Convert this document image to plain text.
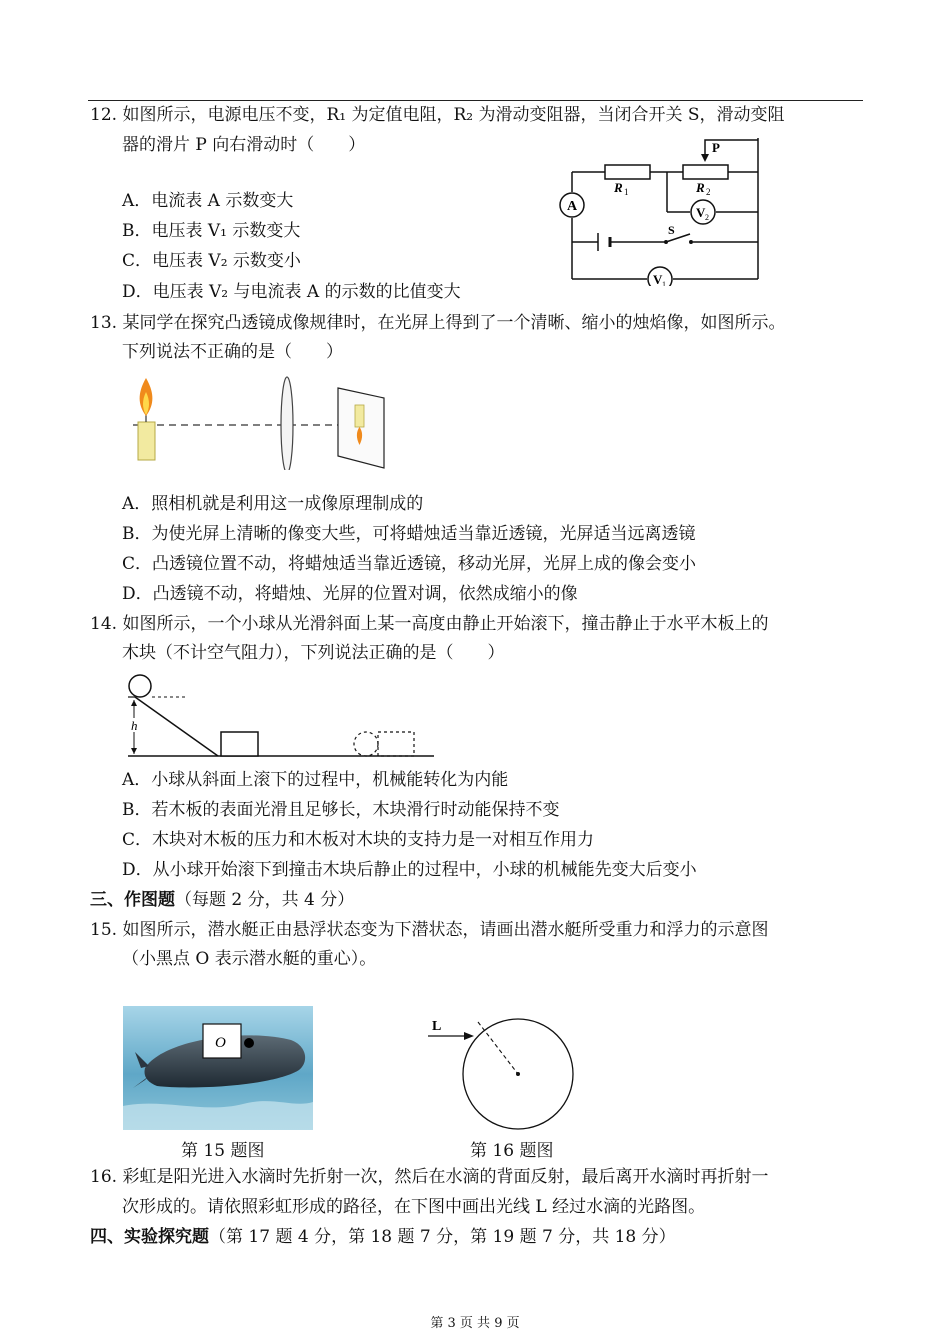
12. 如图所示，电源电压不变，R₁ 为定值电阻，R₂ 为滑动变阻器，当闭合开关 S，滑动变阻
器的滑片 P 向右滑动时（　　）
A．电流表 A 示数变大
B．电压表 V₁ 示数变大
C．电压表 V₂ 示数变小
D．电压表 V₂ 与电流表 A 的示数的比值变大
P
R 1	R 2
A	V 2
S
V 1
13. 某同学在探究凸透镜成像规律时，在光屏上得到了一个清晰、缩小的烛焰像，如图所示。
下列说法不正确的是（　　）
A．照相机就是利用这一成像原理制成的
B．为使光屏上清晰的像变大些，可将蜡烛适当靠近透镜，光屏适当远离透镜
C．凸透镜位置不动，将蜡烛适当靠近透镜，移动光屏，光屏上成的像会变小
D．凸透镜不动，将蜡烛、光屏的位置对调，依然成缩小的像
14. 如图所示，一个小球从光滑斜面上某一高度由静止开始滚下，撞击静止于水平木板上的
木块（不计空气阻力），下列说法正确的是（　　）
h
A．小球从斜面上滚下的过程中，机械能转化为内能
B．若木板的表面光滑且足够长，木块滑行时动能保持不变
C．木块对木板的压力和木板对木块的支持力是一对相互作用力
D．从小球开始滚下到撞击木块后静止的过程中，小球的机械能先变大后变小
三、作图题（每题 2 分，共 4 分）
15. 如图所示，潜水艇正由悬浮状态变为下潜状态，请画出潜水艇所受重力和浮力的示意图
（小黑点 O 表示潜水艇的重心）。
O
第 15 题图
L
第 16 题图
16. 彩虹是阳光进入水滴时先折射一次，然后在水滴的背面反射，最后离开水滴时再折射一
次形成的。请依照彩虹形成的路径，在下图中画出光线 L 经过水滴的光路图。
四、实验探究题（第 17 题 4 分，第 18 题 7 分，第 19 题 7 分，共 18 分）
第 3 页 共 9 页
